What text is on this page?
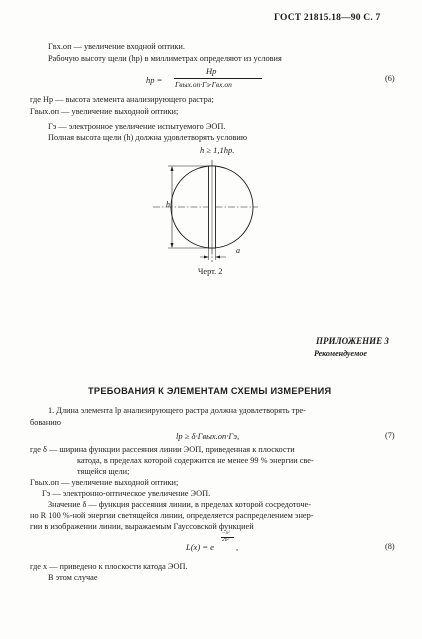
ГОСТ 21815.18—90 С. 7
Γвх.оп — увеличение входной оптики.
Рабочую высоту щели (hр) в миллиметрах определяют из условия
hр =
Hр
Γвых.оп·Γэ·Γвх.оп
(6)
где Hр — высота элемента анализирующего растра;
Γвых.оп — увеличение выходной оптики;
Γэ — электронное увеличение испытуемого ЭОП.
Полная высота щели (h) должна удовлетворять условию
h ≥ 1,1hр.
h
a
Черт. 2
ПРИЛОЖЕНИЕ 3
Рекомендуемое
ТРЕБОВАНИЯ К ЭЛЕМЕНТАМ СХЕМЫ ИЗМЕРЕНИЯ
1. Длина элемента lр анализирующего растра должна удовлетворять тре-
бованию
lр ≥ δ·Γвых.оп·Γэ,	(7)
где δ — ширина функции рассеяния линии ЭОП, приведенная к плоскости
катода, в пределах которой содержится не менее 99 % энергии све-
тящейся щели;
Γвых.оп — увеличение выходной оптики;
Γэ — электронно-оптическое увеличение ЭОП.
Значение δ — функция рассеяния линии, в пределах которой сосредоточе-
но R 100 %-ной энергии светящейся линии, определяется распределением энер-
гии в изображении линии, выражаемым Гауссовской функцией
L(x) = e
−x²
2b²
,	(8)
где x — приведено к плоскости катода ЭОП.
В этом случае
